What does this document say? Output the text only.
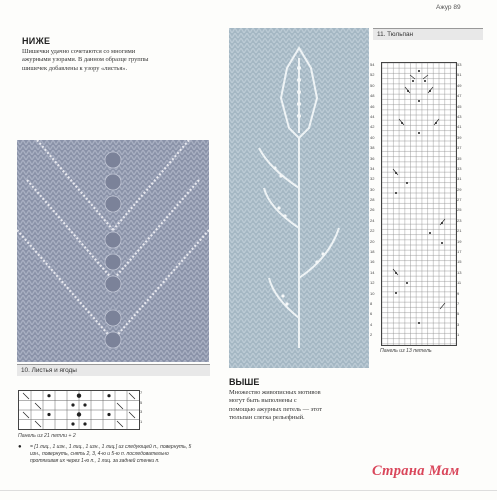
Ажур 89
НИЖЕ
Шишечки удачно сочетаются со многими ажурными узорами. В данном образце группы шишечек добавлены к узору «листья».
10. Листья и ягоды
7
5
3
1
Панель из 21 петли + 2
● = [1 лиц., 1 изн., 1 лиц., 1 изн., 1 лиц.] из следующей п., повернуть, 5 изн., повернуть, снять 2, 3, 4-ю и 5-ю п. последовательно протягивая их через 1-ю п., 1 лиц. за задней стенки п.
11. Тюльпан
54
52
50
48
46
44
42
40
38
36
34
32
30
28
26
24
22
20
18
16
14
12
10
8
6
4
2
53
51
49
47
45
43
41
39
37
35
33
31
29
27
25
23
21
19
17
15
13
11
9
7
5
3
1
Панель из 13 петель
ВЫШЕ
Множество живописных мотивов могут быть выполнены с помощью ажурных петель — этот тюльпан слегка рельефный.
Страна Мам
